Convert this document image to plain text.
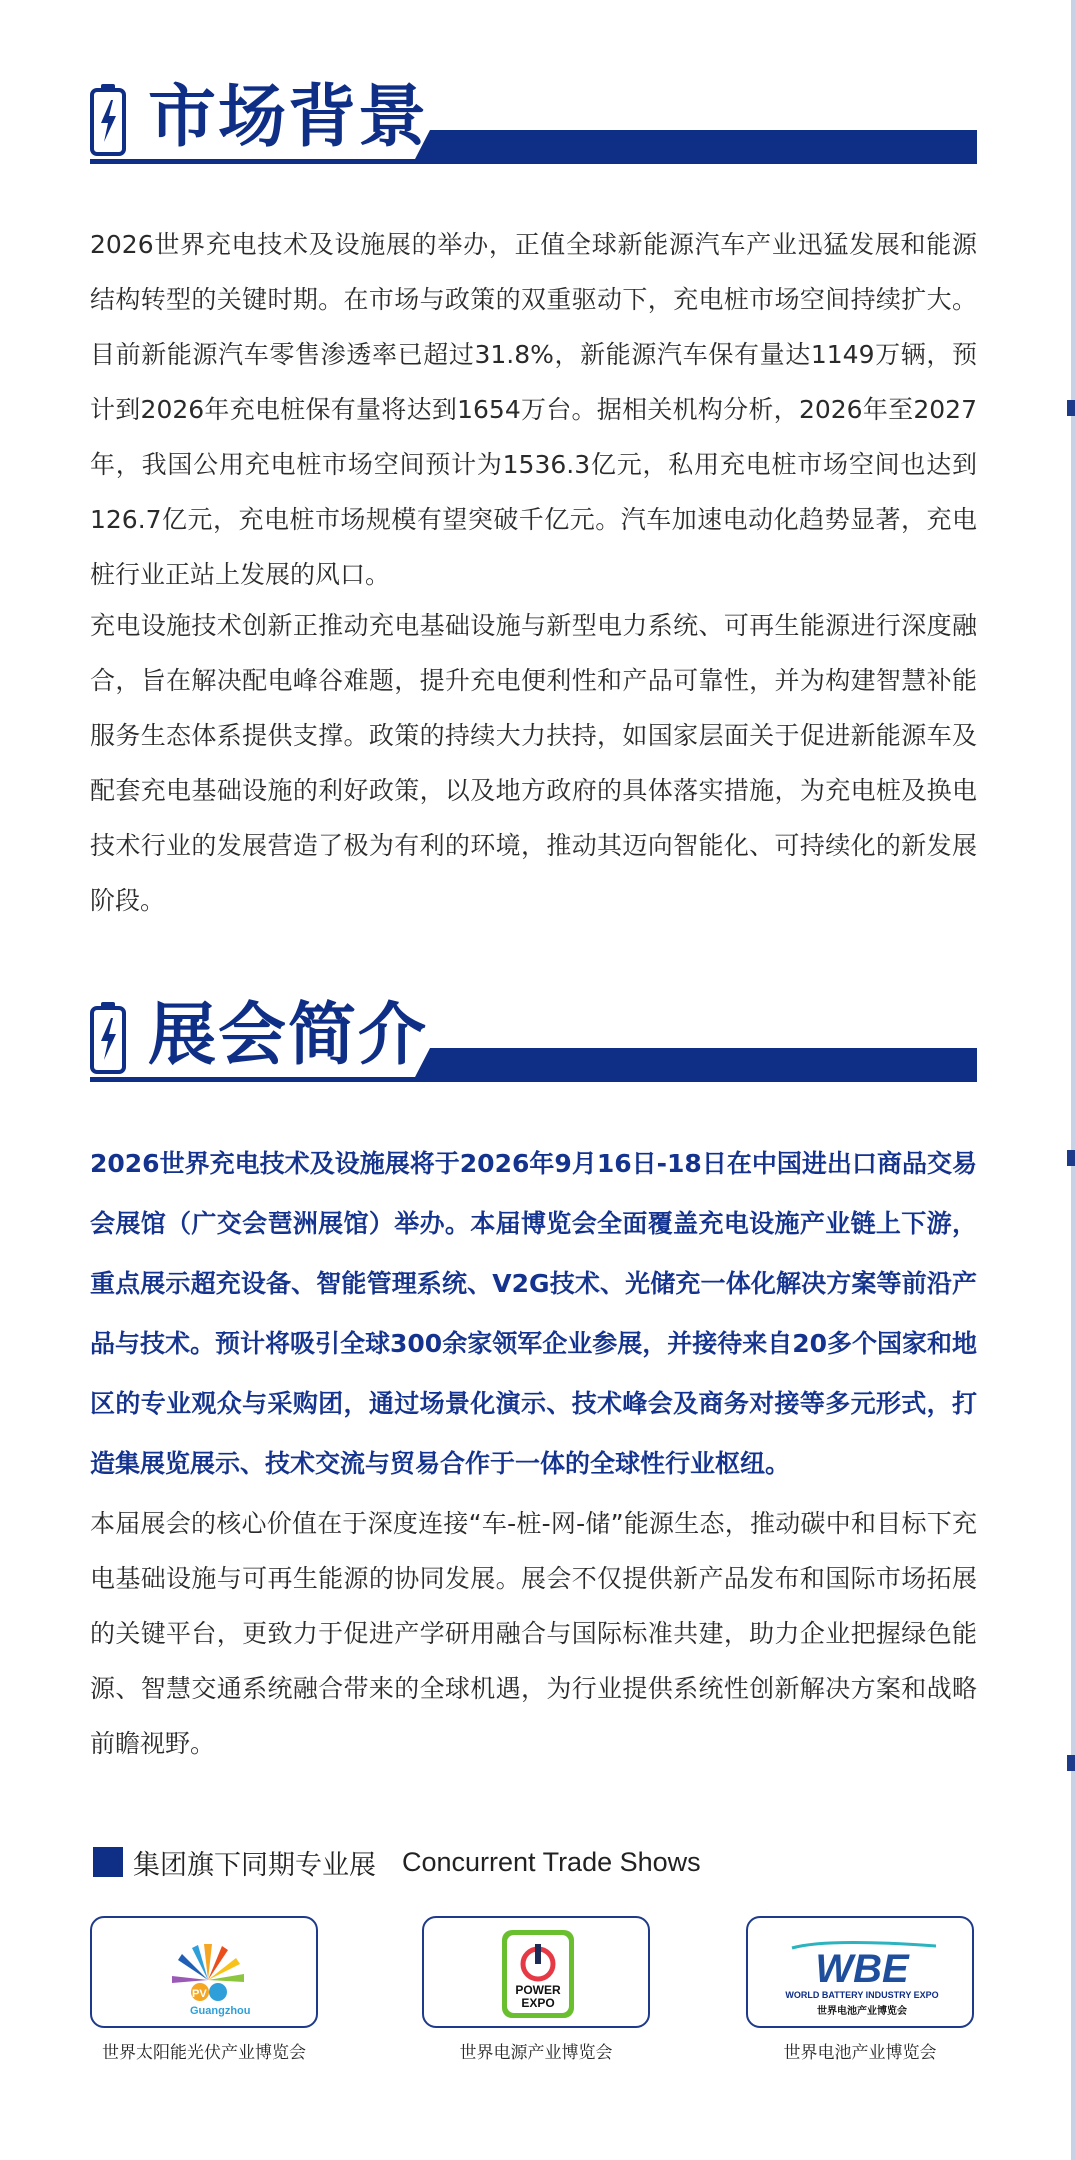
市场背景
2026世界充电技术及设施展的举办，正值全球新能源汽车产业迅猛发展和能源结构转型的关键时期。在市场与政策的双重驱动下，充电桩市场空间持续扩大。目前新能源汽车零售渗透率已超过31.8%，新能源汽车保有量达1149万辆，预计到2026年充电桩保有量将达到1654万台。据相关机构分析，2026年至2027年，我国公用充电桩市场空间预计为1536.3亿元，私用充电桩市场空间也达到126.7亿元，充电桩市场规模有望突破千亿元。汽车加速电动化趋势显著，充电桩行业正站上发展的风口。
充电设施技术创新正推动充电基础设施与新型电力系统、可再生能源进行深度融合，旨在解决配电峰谷难题，提升充电便利性和产品可靠性，并为构建智慧补能服务生态体系提供支撑。政策的持续大力扶持，如国家层面关于促进新能源车及配套充电基础设施的利好政策，以及地方政府的具体落实措施，为充电桩及换电技术行业的发展营造了极为有利的环境，推动其迈向智能化、可持续化的新发展阶段。
展会简介
2026世界充电技术及设施展将于2026年9月16日-18日在中国进出口商品交易会展馆（广交会琶洲展馆）举办。本届博览会全面覆盖充电设施产业链上下游，重点展示超充设备、智能管理系统、V2G技术、光储充一体化解决方案等前沿产品与技术。预计将吸引全球300余家领军企业参展，并接待来自20多个国家和地区的专业观众与采购团，通过场景化演示、技术峰会及商务对接等多元形式，打造集展览展示、技术交流与贸易合作于一体的全球性行业枢纽。
本届展会的核心价值在于深度连接“车-桩-网-储”能源生态，推动碳中和目标下充电基础设施与可再生能源的协同发展。展会不仅提供新产品发布和国际市场拓展的关键平台，更致力于促进产学研用融合与国际标准共建，助力企业把握绿色能源、智慧交通系统融合带来的全球机遇，为行业提供系统性创新解决方案和战略前瞻视野。
集团旗下同期专业展 Concurrent Trade Shows
PV
Guangzhou
世界太阳能光伏产业博览会
POWER
EXPO
世界电源产业博览会
WBE
WORLD BATTERY INDUSTRY EXPO
世界电池产业博览会
世界电池产业博览会
